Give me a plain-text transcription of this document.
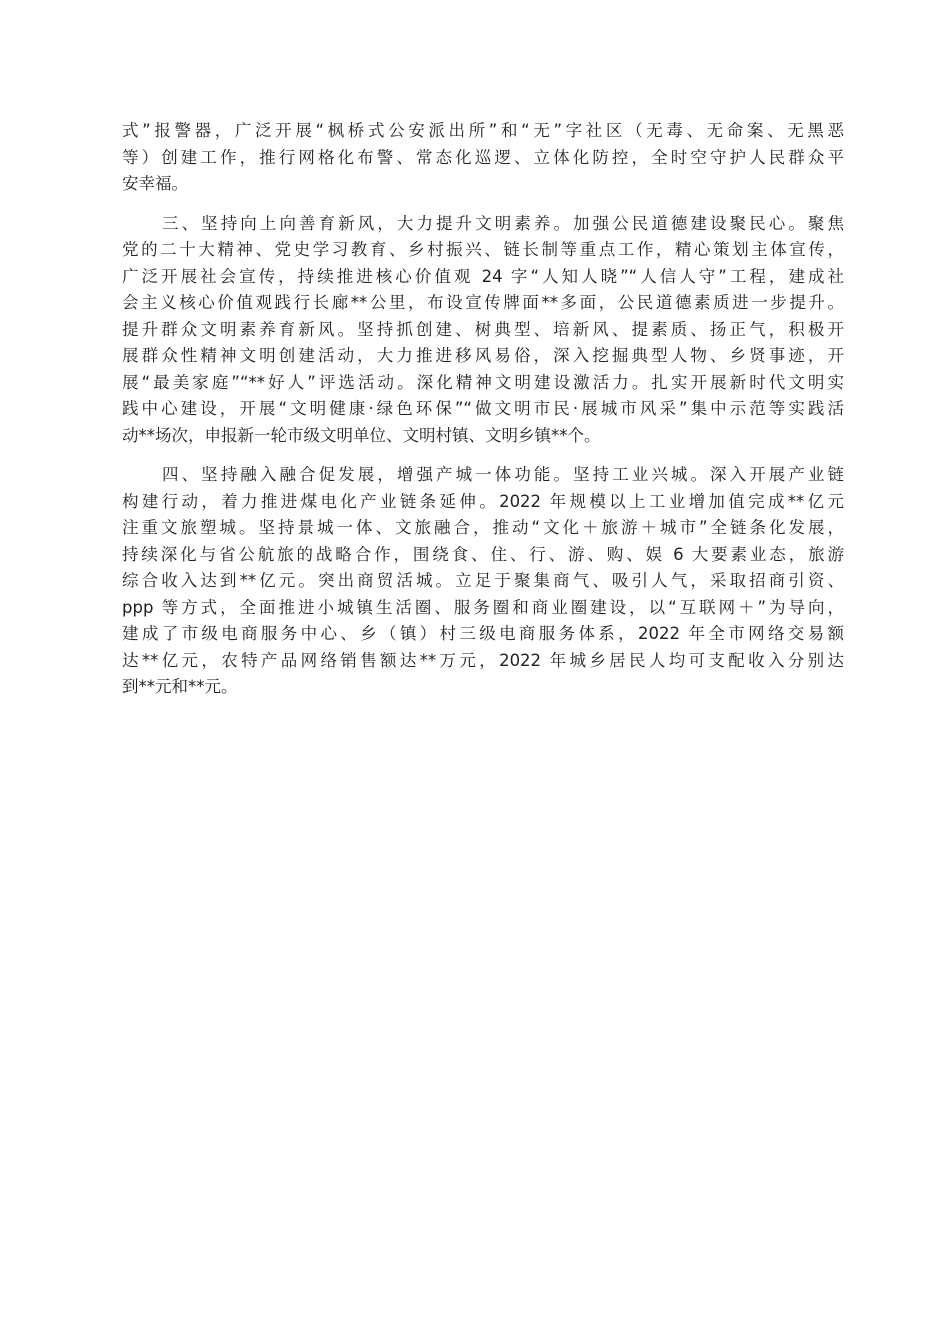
式”报警器，广泛开展“枫桥式公安派出所”和“无”字社区（无毒、无命案、无黑恶
等）创建工作，推行网格化布警、常态化巡逻、立体化防控，全时空守护人民群众平
安幸福。

三、坚持向上向善育新风，大力提升文明素养。加强公民道德建设聚民心。聚焦
党的二十大精神、党史学习教育、乡村振兴、链长制等重点工作，精心策划主体宣传，
广泛开展社会宣传，持续推进核心价值观 24 字“人知人晓”“人信人守”工程，建成社
会主义核心价值观践行长廊**公里，布设宣传牌面**多面，公民道德素质进一步提升。
提升群众文明素养育新风。坚持抓创建、树典型、培新风、提素质、扬正气，积极开
展群众性精神文明创建活动，大力推进移风易俗，深入挖掘典型人物、乡贤事迹，开
展“最美家庭”“**好人”评选活动。深化精神文明建设激活力。扎实开展新时代文明实
践中心建设，开展“文明健康·绿色环保”“做文明市民·展城市风采”集中示范等实践活
动**场次，申报新一轮市级文明单位、文明村镇、文明乡镇**个。

四、坚持融入融合促发展，增强产城一体功能。坚持工业兴城。深入开展产业链
构建行动，着力推进煤电化产业链条延伸。2022 年规模以上工业增加值完成**亿元
注重文旅塑城。坚持景城一体、文旅融合，推动“文化＋旅游＋城市”全链条化发展，
持续深化与省公航旅的战略合作，围绕食、住、行、游、购、娱 6 大要素业态，旅游
综合收入达到**亿元。突出商贸活城。立足于聚集商气、吸引人气，采取招商引资、
ppp 等方式，全面推进小城镇生活圈、服务圈和商业圈建设，以“互联网＋”为导向，
建成了市级电商服务中心、乡（镇）村三级电商服务体系，2022 年全市网络交易额
达**亿元，农特产品网络销售额达**万元，2022 年城乡居民人均可支配收入分别达
到**元和**元。
